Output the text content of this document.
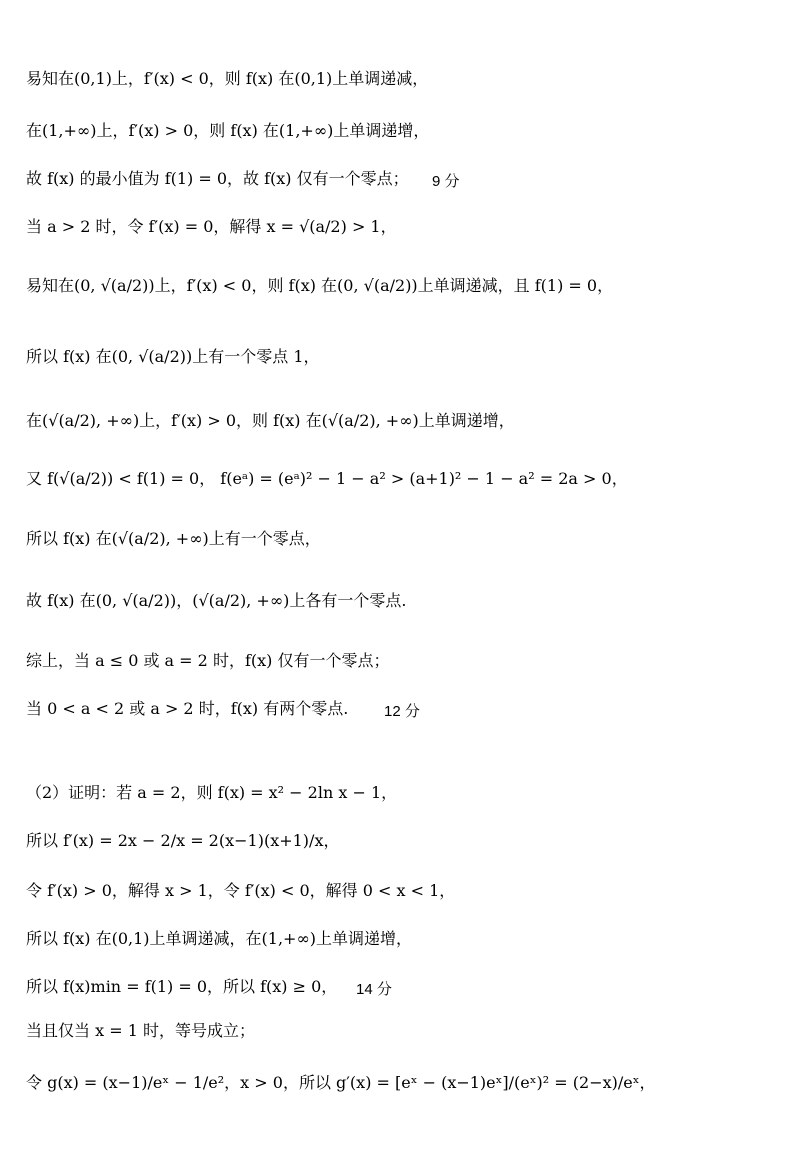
易知在(0,1)上，f′(x) < 0，则 f(x) 在(0,1)上单调递减，
在(1,+∞)上，f′(x) > 0，则 f(x) 在(1,+∞)上单调递增，
故 f(x) 的最小值为 f(1) = 0，故 f(x) 仅有一个零点；
当 a > 2 时，令 f′(x) = 0，解得 x = √(a/2) > 1，
易知在(0, √(a/2))上，f′(x) < 0，则 f(x) 在(0, √(a/2))上单调递减，且 f(1) = 0，
所以 f(x) 在(0, √(a/2))上有一个零点 1，
在(√(a/2), +∞)上，f′(x) > 0，则 f(x) 在(√(a/2), +∞)上单调递增，
又 f(√(a/2)) < f(1) = 0， f(eᵃ) = (eᵃ)² − 1 − a² > (a+1)² − 1 − a² = 2a > 0，
所以 f(x) 在(√(a/2), +∞)上有一个零点，
故 f(x) 在(0, √(a/2))，(√(a/2), +∞)上各有一个零点.
综上，当 a ≤ 0 或 a = 2 时，f(x) 仅有一个零点；
当 0 < a < 2 或 a > 2 时，f(x) 有两个零点.
（2）证明：若 a = 2，则 f(x) = x² − 2ln x − 1，
所以 f′(x) = 2x − 2/x = 2(x−1)(x+1)/x，
令 f′(x) > 0，解得 x > 1，令 f′(x) < 0，解得 0 < x < 1，
所以 f(x) 在(0,1)上单调递减，在(1,+∞)上单调递增，
所以 f(x)min = f(1) = 0，所以 f(x) ≥ 0，
当且仅当 x = 1 时，等号成立；
令 g(x) = (x−1)/eˣ − 1/e²，x > 0，所以 g′(x) = [eˣ − (x−1)eˣ]/(eˣ)² = (2−x)/eˣ，
9 分
12 分
14 分
